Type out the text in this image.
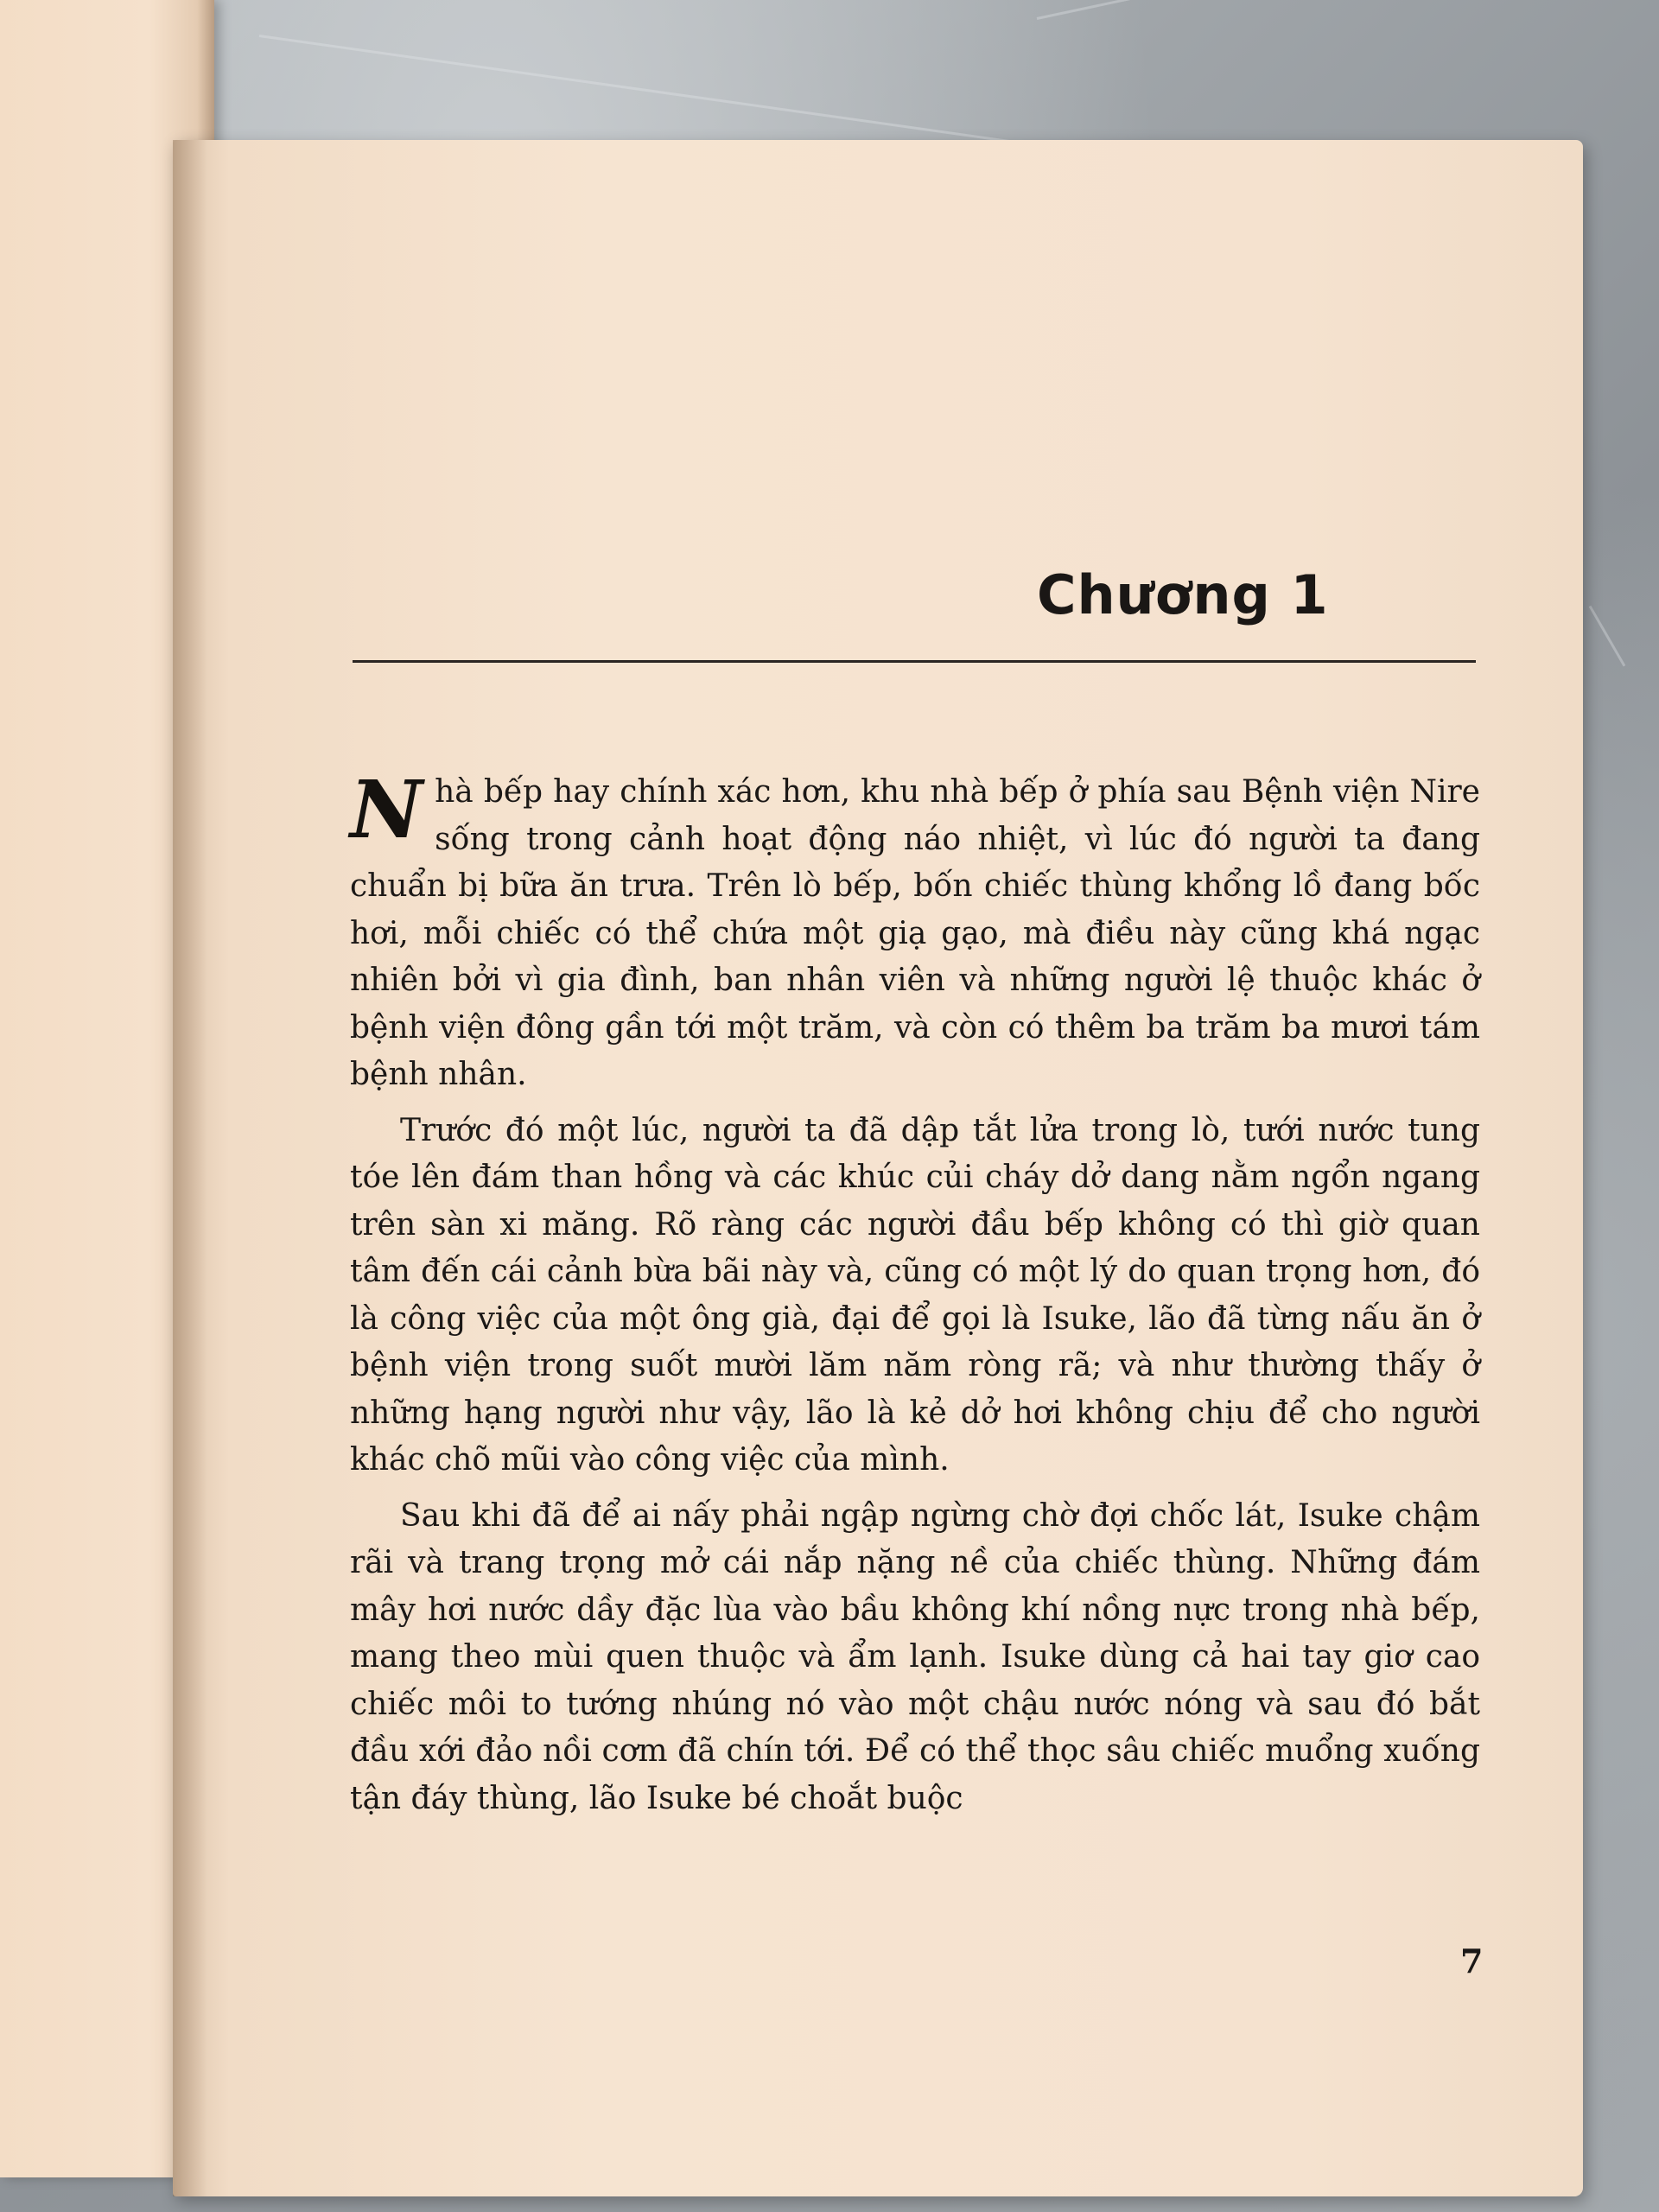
Chương 1

Nhà bếp hay chính xác hơn, khu nhà bếp ở phía sau Bệnh viện Nire sống trong cảnh hoạt động náo nhiệt, vì lúc đó người ta đang chuẩn bị bữa ăn trưa. Trên lò bếp, bốn chiếc thùng khổng lồ đang bốc hơi, mỗi chiếc có thể chứa một giạ gạo, mà điều này cũng khá ngạc nhiên bởi vì gia đình, ban nhân viên và những người lệ thuộc khác ở bệnh viện đông gần tới một trăm, và còn có thêm ba trăm ba mươi tám bệnh nhân.

Trước đó một lúc, người ta đã dập tắt lửa trong lò, tưới nước tung tóe lên đám than hồng và các khúc củi cháy dở dang nằm ngổn ngang trên sàn xi măng. Rõ ràng các người đầu bếp không có thì giờ quan tâm đến cái cảnh bừa bãi này và, cũng có một lý do quan trọng hơn, đó là công việc của một ông già, đại để gọi là Isuke, lão đã từng nấu ăn ở bệnh viện trong suốt mười lăm năm ròng rã; và như thường thấy ở những hạng người như vậy, lão là kẻ dở hơi không chịu để cho người khác chõ mũi vào công việc của mình.

Sau khi đã để ai nấy phải ngập ngừng chờ đợi chốc lát, Isuke chậm rãi và trang trọng mở cái nắp nặng nề của chiếc thùng. Những đám mây hơi nước dầy đặc lùa vào bầu không khí nồng nực trong nhà bếp, mang theo mùi quen thuộc và ẩm lạnh. Isuke dùng cả hai tay giơ cao chiếc môi to tướng nhúng nó vào một chậu nước nóng và sau đó bắt đầu xới đảo nồi cơm đã chín tới. Để có thể thọc sâu chiếc muổng xuống tận đáy thùng, lão Isuke bé choắt buộc

7
